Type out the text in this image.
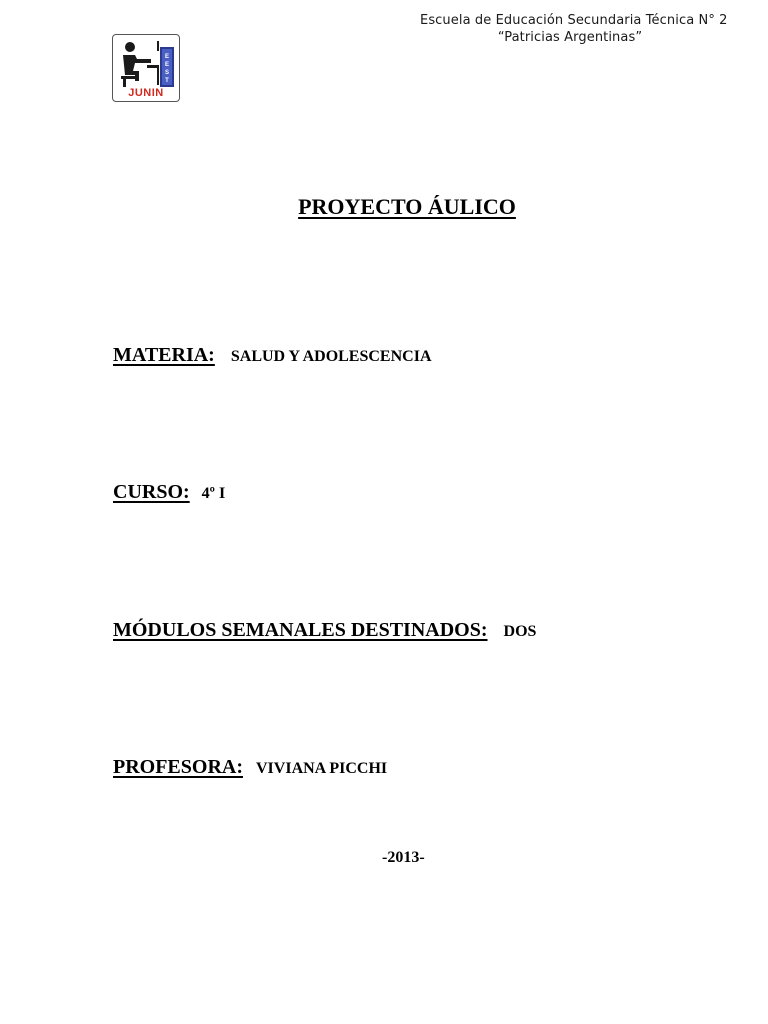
Escuela de Educación Secundaria Técnica N° 2
“Patricias Argentinas”
E
E
S
T
JUNIN
PROYECTO ÁULICO
MATERIA: SALUD Y ADOLESCENCIA
CURSO: 4º I
MÓDULOS SEMANALES DESTINADOS: DOS
PROFESORA: VIVIANA PICCHI
-2013-
